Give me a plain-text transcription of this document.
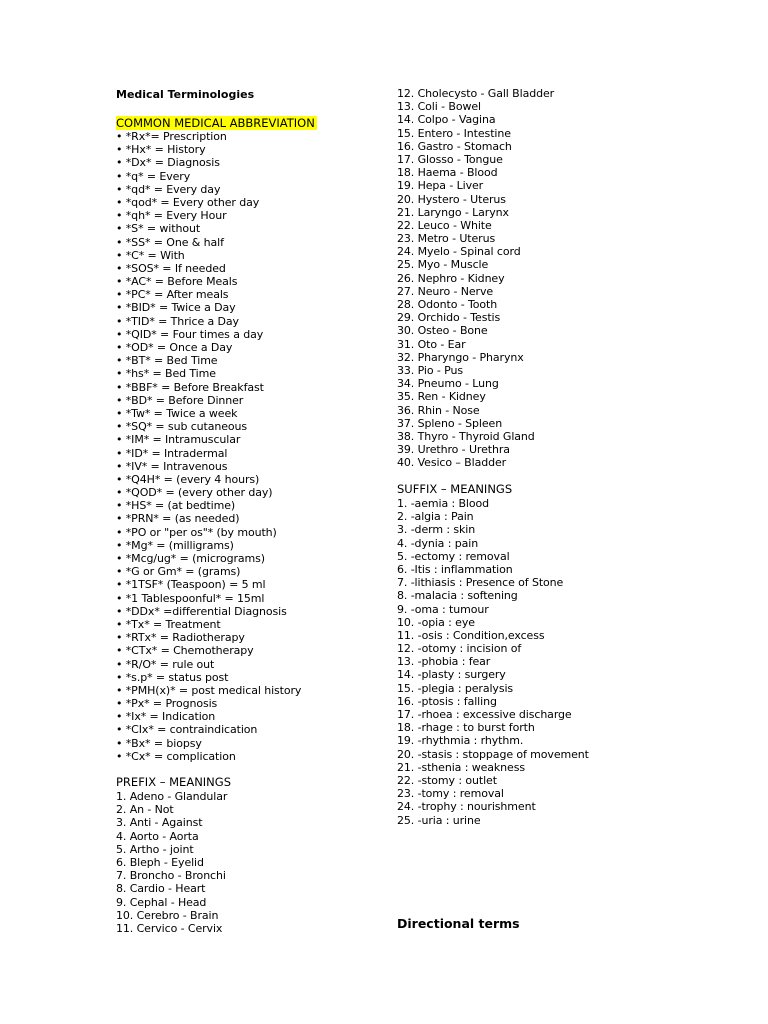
Medical Terminologies
COMMON MEDICAL ABBREVIATION
• *Rx*= Prescription
• *Hx* = History
• *Dx* = Diagnosis
• *q* = Every
• *qd* = Every day
• *qod* = Every other day
• *qh* = Every Hour
• *S* = without
• *SS* = One & half
• *C* = With
• *SOS* = If needed
• *AC* = Before Meals
• *PC* = After meals
• *BID* = Twice a Day
• *TID* = Thrice a Day
• *QID* = Four times a day
• *OD* = Once a Day
• *BT* = Bed Time
• *hs* = Bed Time
• *BBF* = Before Breakfast
• *BD* = Before Dinner
• *Tw* = Twice a week
• *SQ* = sub cutaneous
• *IM* = Intramuscular
• *ID* = Intradermal
• *IV* = Intravenous
• *Q4H* = (every 4 hours)
• *QOD* = (every other day)
• *HS* = (at bedtime)
• *PRN* = (as needed)
• *PO or "per os"* (by mouth)
• *Mg* = (milligrams)
• *Mcg/ug* = (micrograms)
• *G or Gm* = (grams)
• *1TSF* (Teaspoon) = 5 ml
• *1 Tablespoonful* = 15ml
• *DDx* =differential Diagnosis
• *Tx* = Treatment
• *RTx* = Radiotherapy
• *CTx* = Chemotherapy
• *R/O* = rule out
• *s.p* = status post
• *PMH(x)* = post medical history
• *Px* = Prognosis
• *Ix* = Indication
• *CIx* = contraindication
• *Bx* = biopsy
• *Cx* = complication
PREFIX – MEANINGS
1. Adeno - Glandular
2. An - Not
3. Anti - Against
4. Aorto - Aorta
5. Artho - joint
6. Bleph - Eyelid
7. Broncho - Bronchi
8. Cardio - Heart
9. Cephal - Head
10. Cerebro - Brain
11. Cervico - Cervix
12. Cholecysto - Gall Bladder
13. Coli - Bowel
14. Colpo - Vagina
15. Entero - Intestine
16. Gastro - Stomach
17. Glosso - Tongue
18. Haema - Blood
19. Hepa - Liver
20. Hystero - Uterus
21. Laryngo - Larynx
22. Leuco - White
23. Metro - Uterus
24. Myelo - Spinal cord
25. Myo - Muscle
26. Nephro - Kidney
27. Neuro - Nerve
28. Odonto - Tooth
29. Orchido - Testis
30. Osteo - Bone
31. Oto - Ear
32. Pharyngo - Pharynx
33. Pio - Pus
34. Pneumo - Lung
35. Ren - Kidney
36. Rhin - Nose
37. Spleno - Spleen
38. Thyro - Thyroid Gland
39. Urethro - Urethra
40. Vesico – Bladder
SUFFIX – MEANINGS
1. -aemia : Blood
2. -algia : Pain
3. -derm : skin
4. -dynia : pain
5. -ectomy : removal
6. -Itis : inflammation
7. -lithiasis : Presence of Stone
8. -malacia : softening
9. -oma : tumour
10. -opia : eye
11. -osis : Condition,excess
12. -otomy : incision of
13. -phobia : fear
14. -plasty : surgery
15. -plegia : peralysis
16. -ptosis : falling
17. -rhoea : excessive discharge
18. -rhage : to burst forth
19. -rhythmia : rhythm.
20. -stasis : stoppage of movement
21. -sthenia : weakness
22. -stomy : outlet
23. -tomy : removal
24. -trophy : nourishment
25. -uria : urine
Directional terms
